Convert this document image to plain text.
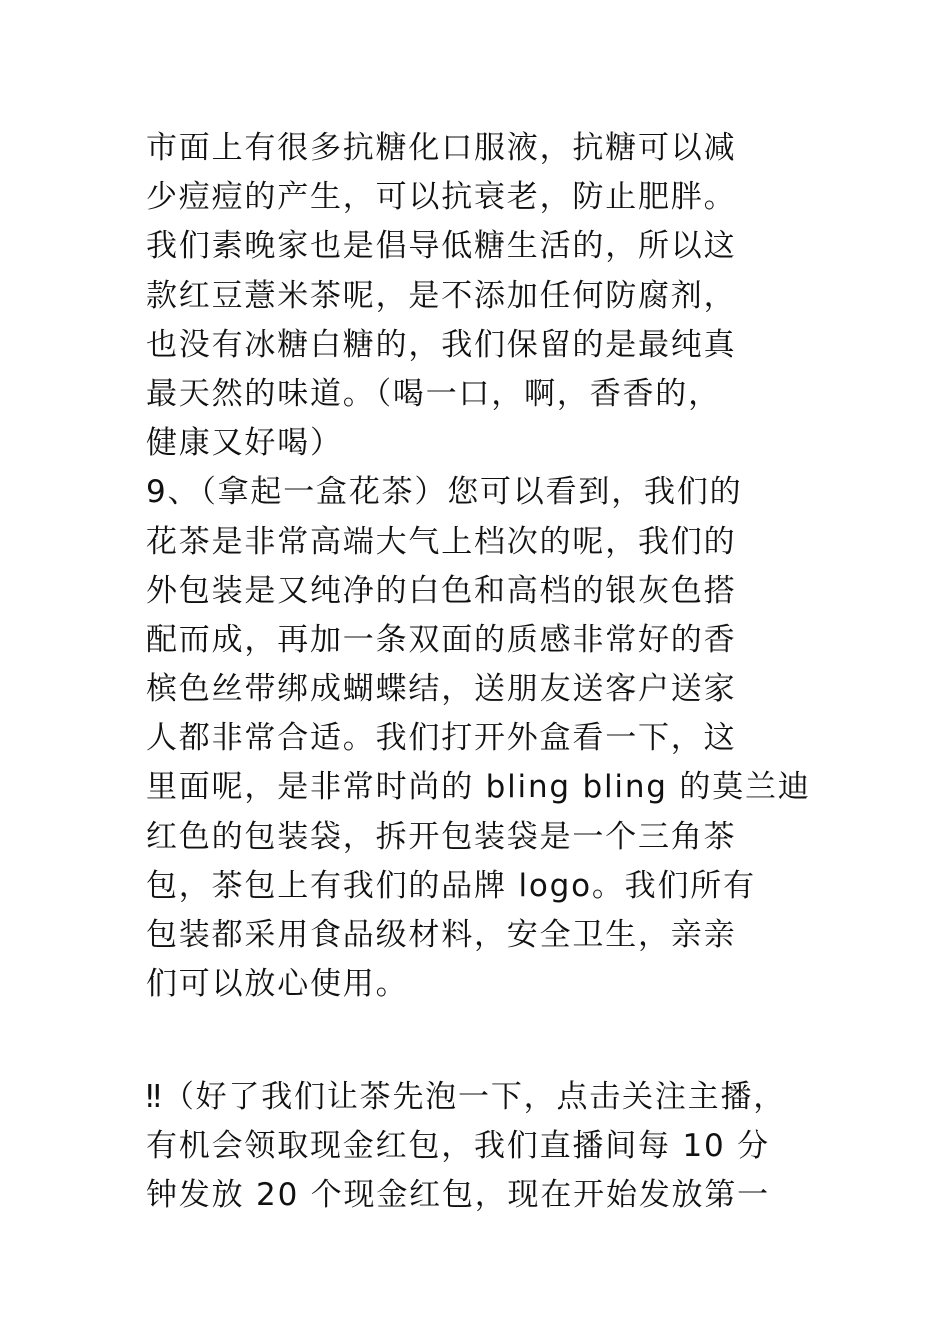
市面上有很多抗糖化口服液，抗糖可以减
少痘痘的产生，可以抗衰老，防止肥胖。
我们素晚家也是倡导低糖生活的，所以这
款红豆薏米茶呢，是不添加任何防腐剂，
也没有冰糖白糖的，我们保留的是最纯真
最天然的味道。（喝一口，啊，香香的，
健康又好喝）
9、（拿起一盒花茶）您可以看到，我们的
花茶是非常高端大气上档次的呢，我们的
外包装是又纯净的白色和高档的银灰色搭
配而成，再加一条双面的质感非常好的香
槟色丝带绑成蝴蝶结，送朋友送客户送家
人都非常合适。我们打开外盒看一下，这
里面呢，是非常时尚的 bling bling 的莫兰迪
红色的包装袋，拆开包装袋是一个三角茶
包，茶包上有我们的品牌 logo。我们所有
包装都采用食品级材料，安全卫生，亲亲
们可以放心使用。
‼（好了我们让茶先泡一下，点击关注主播，
有机会领取现金红包，我们直播间每 10 分
钟发放 20 个现金红包，现在开始发放第一
